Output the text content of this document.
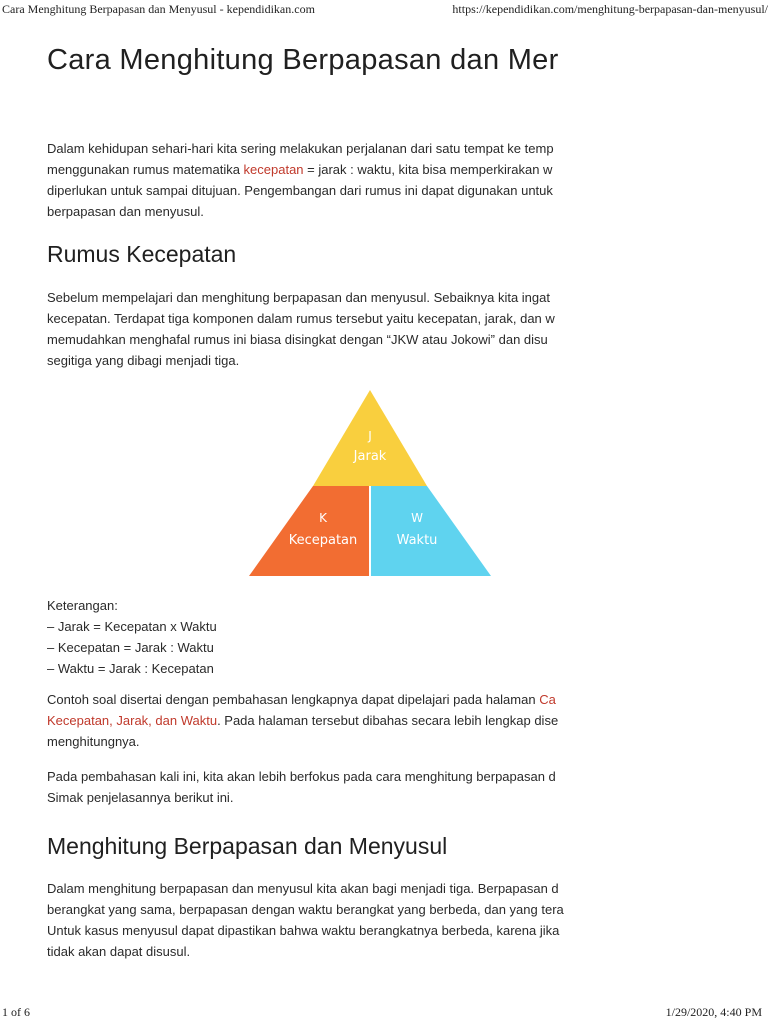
Cara Menghitung Berpapasan dan Menyusul - kependidikan.com	https://kependidikan.com/menghitung-berpapasan-dan-menyusul/
Cara Menghitung Berpapasan dan Mer

Dalam kehidupan sehari-hari kita sering melakukan perjalanan dari satu tempat ke temp
menggunakan rumus matematika kecepatan = jarak : waktu, kita bisa memperkirakan w
diperlukan untuk sampai ditujuan. Pengembangan dari rumus ini dapat digunakan untuk
berpapasan dan menyusul.

Rumus Kecepatan

Sebelum mempelajari dan menghitung berpapasan dan menyusul. Sebaiknya kita ingat
kecepatan. Terdapat tiga komponen dalam rumus tersebut yaitu kecepatan, jarak, dan w
memudahkan menghafal rumus ini biasa disingkat dengan “JKW atau Jokowi” dan disu
segitiga yang dibagi menjadi tiga.

J
Jarak
K
Kecepatan
W
Waktu
Keterangan:
– Jarak = Kecepatan x Waktu
– Kecepatan = Jarak : Waktu
– Waktu = Jarak : Kecepatan

Contoh soal disertai dengan pembahasan lengkapnya dapat dipelajari pada halaman Ca
Kecepatan, Jarak, dan Waktu. Pada halaman tersebut dibahas secara lebih lengkap dise
menghitungnya.

Pada pembahasan kali ini, kita akan lebih berfokus pada cara menghitung berpapasan d
Simak penjelasannya berikut ini.

Menghitung Berpapasan dan Menyusul

Dalam menghitung berpapasan dan menyusul kita akan bagi menjadi tiga. Berpapasan d
berangkat yang sama, berpapasan dengan waktu berangkat yang berbeda, dan yang tera
Untuk kasus menyusul dapat dipastikan bahwa waktu berangkatnya berbeda, karena jika
tidak akan dapat disusul.

1 of 6	1/29/2020, 4:40 PM
